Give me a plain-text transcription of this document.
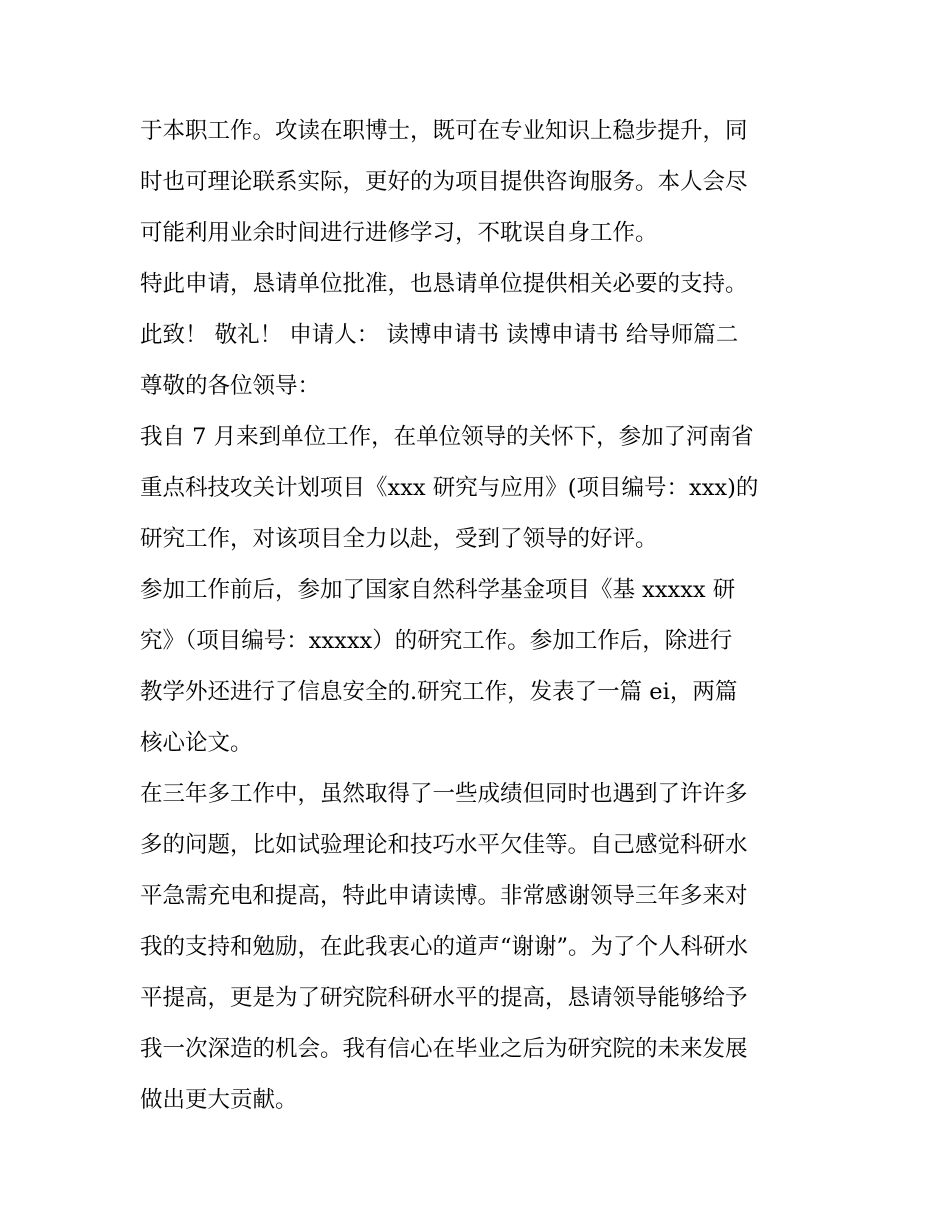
于本职工作。攻读在职博士，既可在专业知识上稳步提升，同
时也可理论联系实际，更好的为项目提供咨询服务。本人会尽
可能利用业余时间进行进修学习，不耽误自身工作。
特此申请，恳请单位批准，也恳请单位提供相关必要的支持。
此致！ 敬礼！ 申请人： 读博申请书 读博申请书 给导师篇二
尊敬的各位领导：
我自 7 月来到单位工作，在单位领导的关怀下，参加了河南省
重点科技攻关计划项目《xxx 研究与应用》(项目编号：xxx)的
研究工作，对该项目全力以赴，受到了领导的好评。
参加工作前后，参加了国家自然科学基金项目《基 xxxxx 研
究》（项目编号：xxxxx）的研究工作。参加工作后，除进行
教学外还进行了信息安全的.研究工作，发表了一篇 ei，两篇
核心论文。
在三年多工作中，虽然取得了一些成绩但同时也遇到了许许多
多的问题，比如试验理论和技巧水平欠佳等。自己感觉科研水
平急需充电和提高，特此申请读博。非常感谢领导三年多来对
我的支持和勉励，在此我衷心的道声“谢谢”。为了个人科研水
平提高，更是为了研究院科研水平的提高，恳请领导能够给予
我一次深造的机会。我有信心在毕业之后为研究院的未来发展
做出更大贡献。
